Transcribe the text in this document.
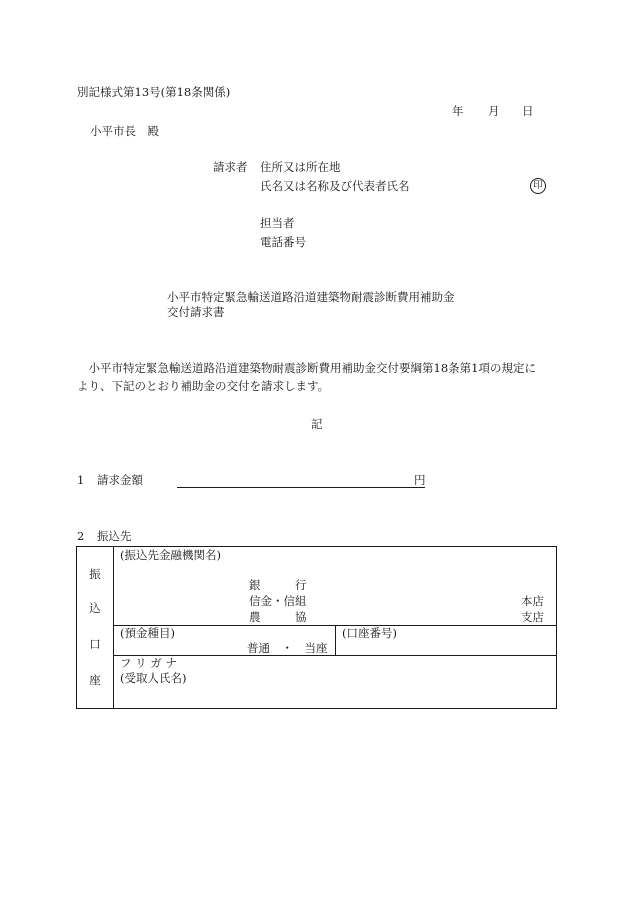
別記様式第13号(第18条関係)
年 月 日
小平市長　殿
請求者 住所又は所在地
氏名又は名称及び代表者氏名	印
担当者
電話番号
小平市特定緊急輸送道路沿道建築物耐震診断費用補助金
交付請求書
　小平市特定緊急輸送道路沿道建築物耐震診断費用補助金交付要綱第18条第1項の規定に
より、下記のとおり補助金の交付を請求します。
記
1 請求金額	円
2 振込先
振
込
口
座
(振込先金融機関名)
銀　　　行
信金・信組
農　　　協
本店
支店
(預金種目)
普通　・　当座
(口座番号)
フ リ ガ ナ
(受取人氏名)
